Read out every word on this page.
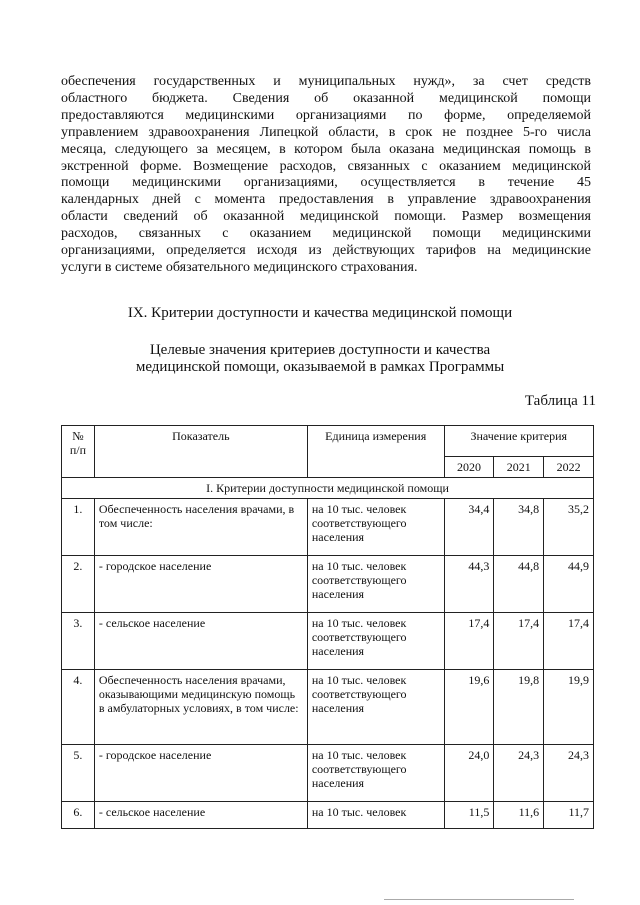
обеспечения государственных и муниципальных нужд», за счет средств
областного бюджета. Сведения об оказанной медицинской помощи
предоставляются медицинскими организациями по форме, определяемой
управлением здравоохранения Липецкой области, в срок не позднее 5-го числа
месяца, следующего за месяцем, в котором была оказана медицинская помощь в
экстренной форме. Возмещение расходов, связанных с оказанием медицинской
помощи медицинскими организациями, осуществляется в течение 45
календарных дней с момента предоставления в управление здравоохранения
области сведений об оказанной медицинской помощи. Размер возмещения
расходов, связанных с оказанием медицинской помощи медицинскими
организациями, определяется исходя из действующих тарифов на медицинские
услуги в системе обязательного медицинского страхования.
IX. Критерии доступности и качества медицинской помощи
Целевые значения критериев доступности и качества
медицинской помощи, оказываемой в рамках Программы
Таблица 11
№ п/п	Показатель	Единица измерения	Значение критерия		
			2020	2021	2022
I. Критерии доступности медицинской помощи					
1.	Обеспеченность населения врачами, в том числе:	на 10 тыс. человек соответствующего населения	34,4	34,8	35,2
2.	- городское население	на 10 тыс. человек соответствующего населения	44,3	44,8	44,9
3.	- сельское население	на 10 тыс. человек соответствующего населения	17,4	17,4	17,4
4.	Обеспеченность населения врачами, оказывающими медицинскую помощь в амбулаторных условиях, в том числе:	на 10 тыс. человек соответствующего населения	19,6	19,8	19,9
5.	- городское население	на 10 тыс. человек соответствующего населения	24,0	24,3	24,3
6.	- сельское население	на 10 тыс. человек	11,5	11,6	11,7
